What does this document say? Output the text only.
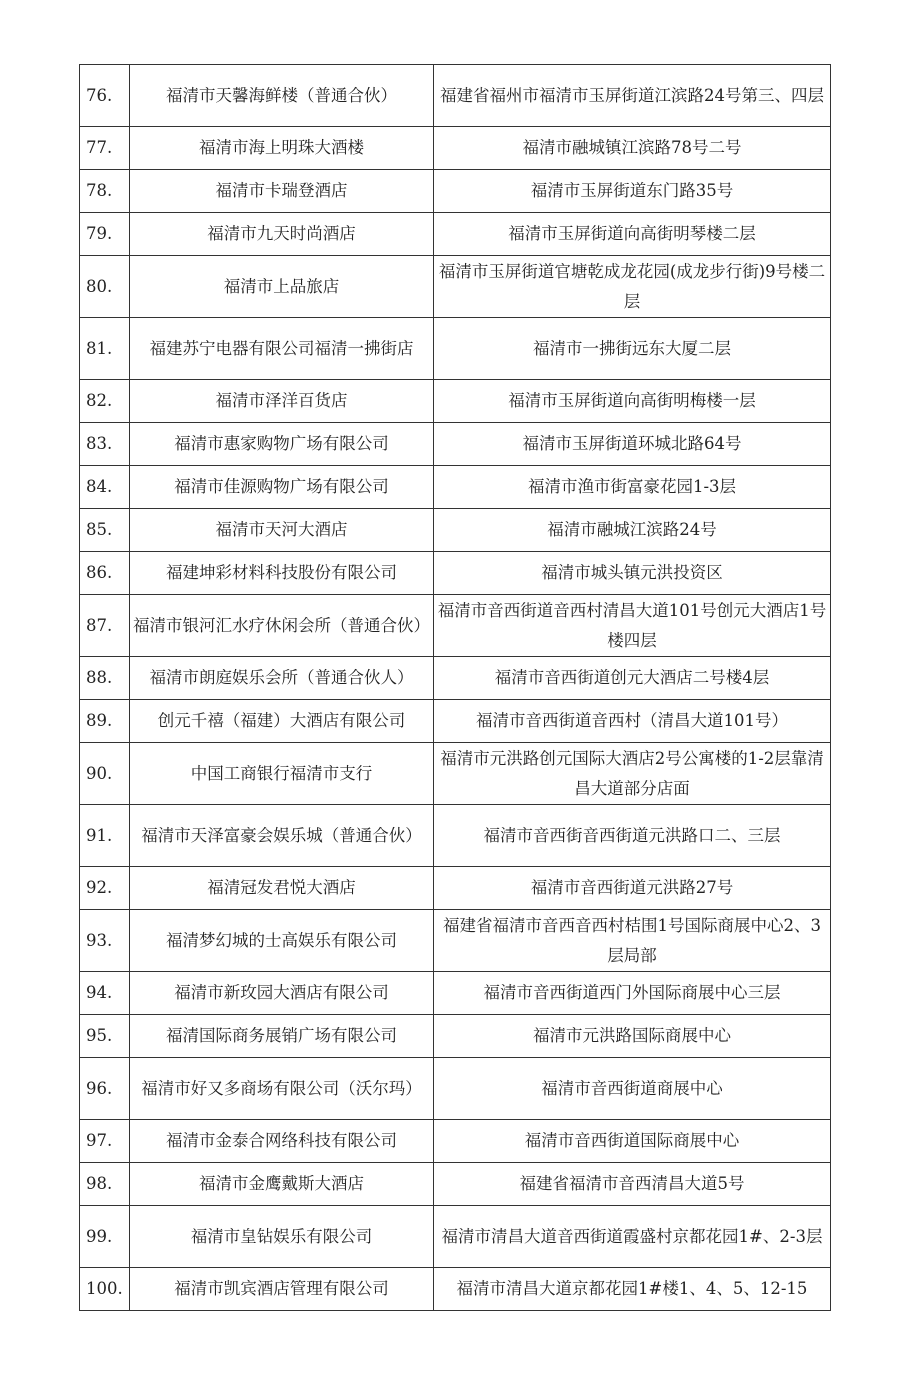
76.	福清市天馨海鲜楼（普通合伙）	福建省福州市福清市玉屏街道江滨路24号第三、四层
77.	福清市海上明珠大酒楼	福清市融城镇江滨路78号二号
78.	福清市卡瑞登酒店	福清市玉屏街道东门路35号
79.	福清市九天时尚酒店	福清市玉屏街道向高街明琴楼二层
80.	福清市上品旅店	福清市玉屏街道官塘乾成龙花园(成龙步行街)9号楼二层
81.	福建苏宁电器有限公司福清一拂街店	福清市一拂街远东大厦二层
82.	福清市泽洋百货店	福清市玉屏街道向高街明梅楼一层
83.	福清市惠家购物广场有限公司	福清市玉屏街道环城北路64号
84.	福清市佳源购物广场有限公司	福清市渔市街富豪花园1-3层
85.	福清市天河大酒店	福清市融城江滨路24号
86.	福建坤彩材料科技股份有限公司	福清市城头镇元洪投资区
87.	福清市银河汇水疗休闲会所（普通合伙）	福清市音西街道音西村清昌大道101号创元大酒店1号楼四层
88.	福清市朗庭娱乐会所（普通合伙人）	福清市音西街道创元大酒店二号楼4层
89.	创元千禧（福建）大酒店有限公司	福清市音西街道音西村（清昌大道101号）
90.	中国工商银行福清市支行	福清市元洪路创元国际大酒店2号公寓楼的1-2层靠清昌大道部分店面
91.	福清市天泽富豪会娱乐城（普通合伙）	福清市音西街音西街道元洪路口二、三层
92.	福清冠发君悦大酒店	福清市音西街道元洪路27号
93.	福清梦幻城的士高娱乐有限公司	福建省福清市音西音西村桔围1号国际商展中心2、3层局部
94.	福清市新玫园大酒店有限公司	福清市音西街道西门外国际商展中心三层
95.	福清国际商务展销广场有限公司	福清市元洪路国际商展中心
96.	福清市好又多商场有限公司（沃尔玛）	福清市音西街道商展中心
97.	福清市金泰合网络科技有限公司	福清市音西街道国际商展中心
98.	福清市金鹰戴斯大酒店	福建省福清市音西清昌大道5号
99.	福清市皇钻娱乐有限公司	福清市清昌大道音西街道霞盛村京都花园1#、2-3层
100.	福清市凯宾酒店管理有限公司	福清市清昌大道京都花园1#楼1、4、5、12-15
